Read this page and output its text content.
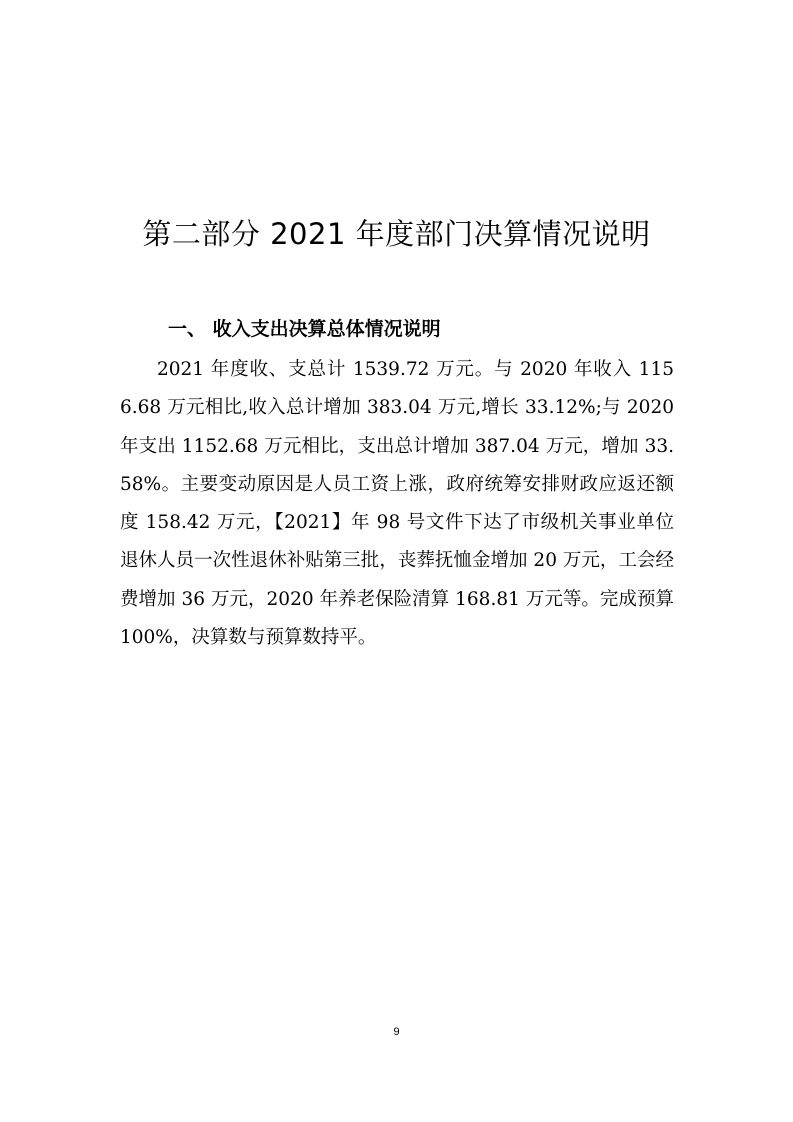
第二部分 2021 年度部门决算情况说明
一、 收入支出决算总体情况说明

2021 年度收、支总计 1539.72 万元。与 2020 年收入 1156.68 万元相比,收入总计增加 383.04 万元,增长 33.12%;与 2020 年支出 1152.68 万元相比，支出总计增加 387.04 万元，增加 33.58%。主要变动原因是人员工资上涨，政府统筹安排财政应返还额度 158.42 万元，【2021】年 98 号文件下达了市级机关事业单位退休人员一次性退休补贴第三批，丧葬抚恤金增加 20 万元，工会经费增加 36 万元，2020 年养老保险清算 168.81 万元等。完成预算 100%，决算数与预算数持平。

9
